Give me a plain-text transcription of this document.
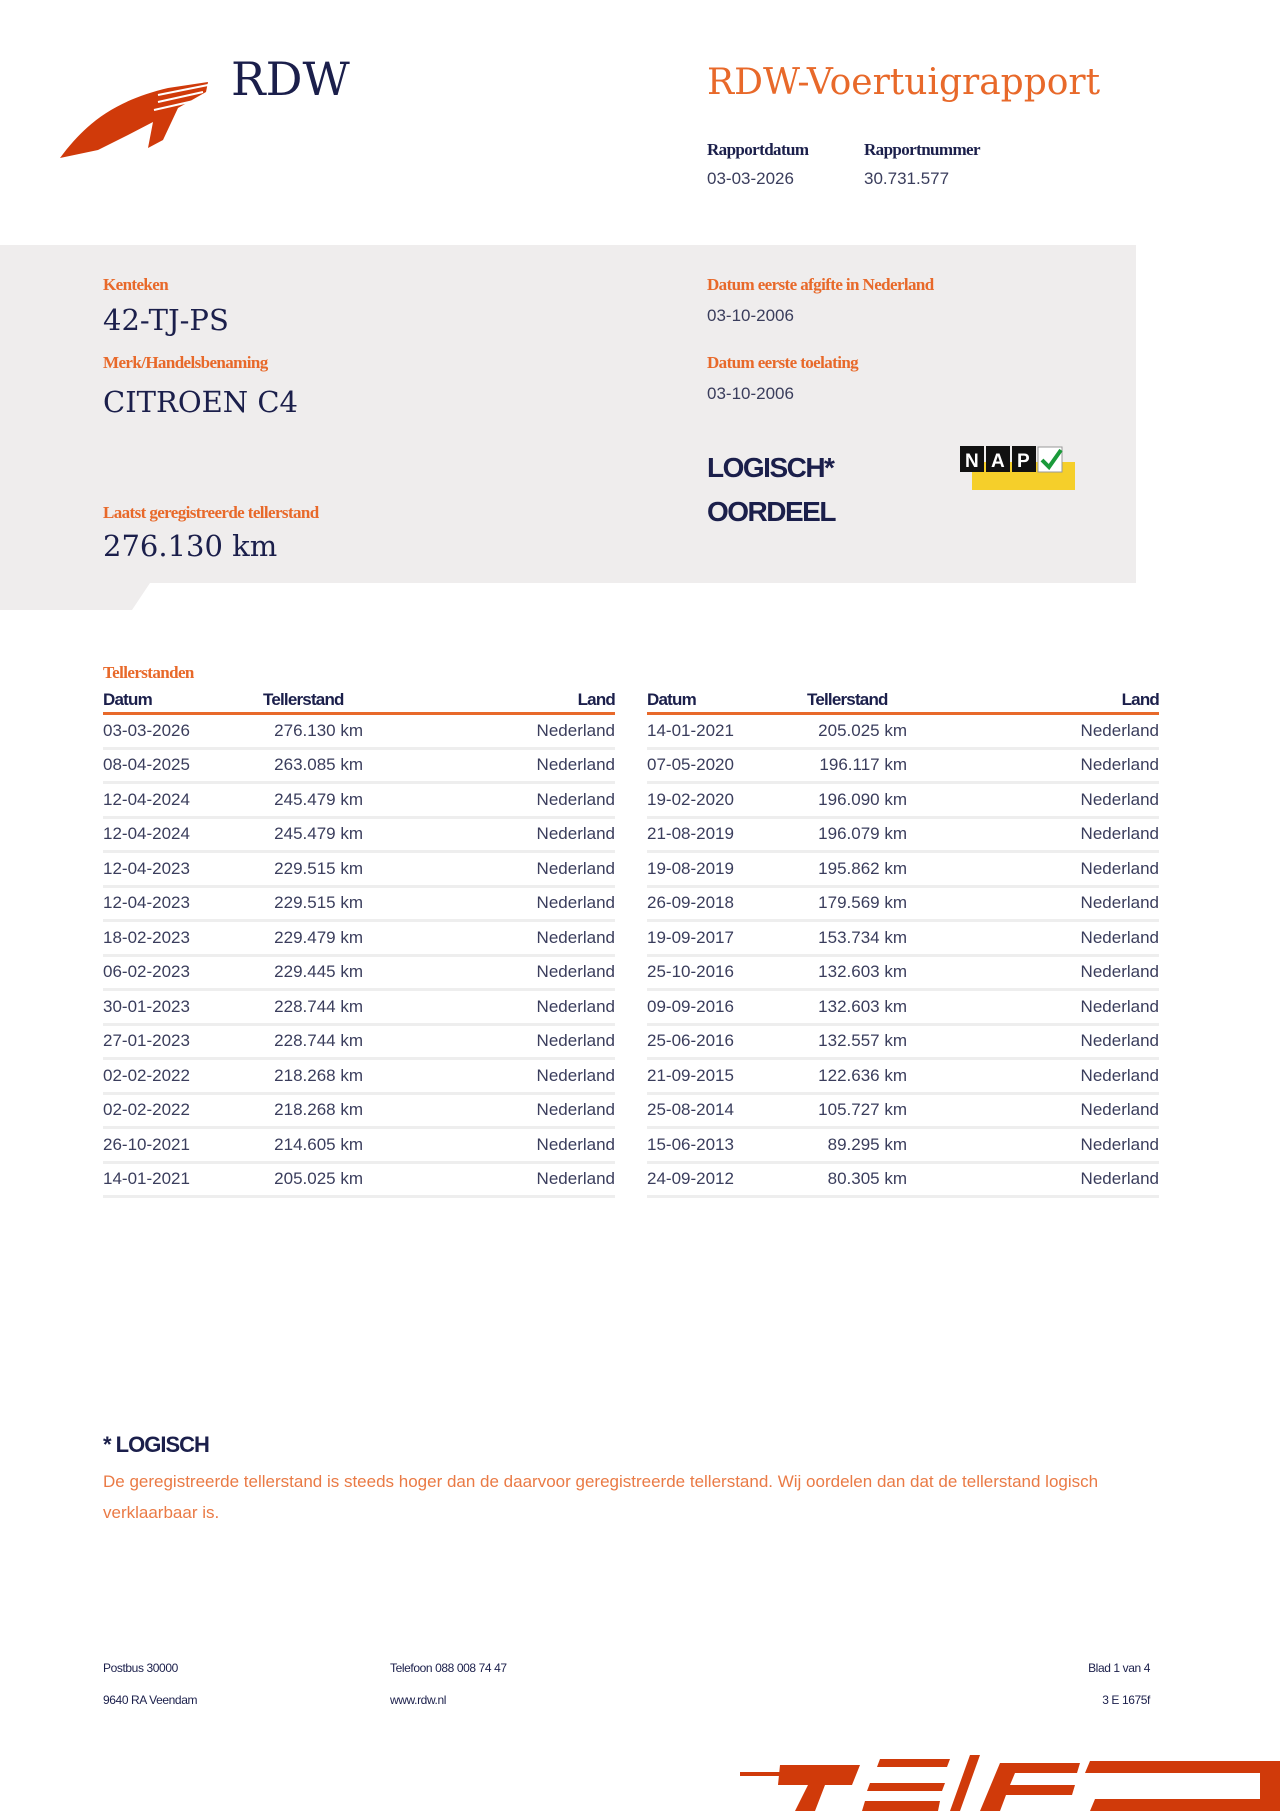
RDW	RDW-Voertuigrapport
Rapportdatum
03-03-2026
Rapportnummer
30.731.577
Kenteken
42-TJ-PS
Merk/Handelsbenaming
CITROEN C4
Laatst geregistreerde tellerstand
276.130 km
Datum eerste afgifte in Nederland
03-10-2006
Datum eerste toelating
03-10-2006
LOGISCH*
OORDEEL
N A P
Tellerstanden
Datum	Tellerstand	Land
03-03-2026	276.130 km	Nederland
08-04-2025	263.085 km	Nederland
12-04-2024	245.479 km	Nederland
12-04-2024	245.479 km	Nederland
12-04-2023	229.515 km	Nederland
12-04-2023	229.515 km	Nederland
18-02-2023	229.479 km	Nederland
06-02-2023	229.445 km	Nederland
30-01-2023	228.744 km	Nederland
27-01-2023	228.744 km	Nederland
02-02-2022	218.268 km	Nederland
02-02-2022	218.268 km	Nederland
26-10-2021	214.605 km	Nederland
14-01-2021	205.025 km	Nederland
Datum	Tellerstand	Land
14-01-2021	205.025 km	Nederland
07-05-2020	196.117 km	Nederland
19-02-2020	196.090 km	Nederland
21-08-2019	196.079 km	Nederland
19-08-2019	195.862 km	Nederland
26-09-2018	179.569 km	Nederland
19-09-2017	153.734 km	Nederland
25-10-2016	132.603 km	Nederland
09-09-2016	132.603 km	Nederland
25-06-2016	132.557 km	Nederland
21-09-2015	122.636 km	Nederland
25-08-2014	105.727 km	Nederland
15-06-2013	89.295 km	Nederland
24-09-2012	80.305 km	Nederland
* LOGISCH
De geregistreerde tellerstand is steeds hoger dan de daarvoor geregistreerde tellerstand. Wij oordelen dan dat de tellerstand logisch verklaarbaar is.
Postbus 30000
9640 RA Veendam
Telefoon 088 008 74 47
www.rdw.nl
Blad 1 van 4
3 E 1675f
